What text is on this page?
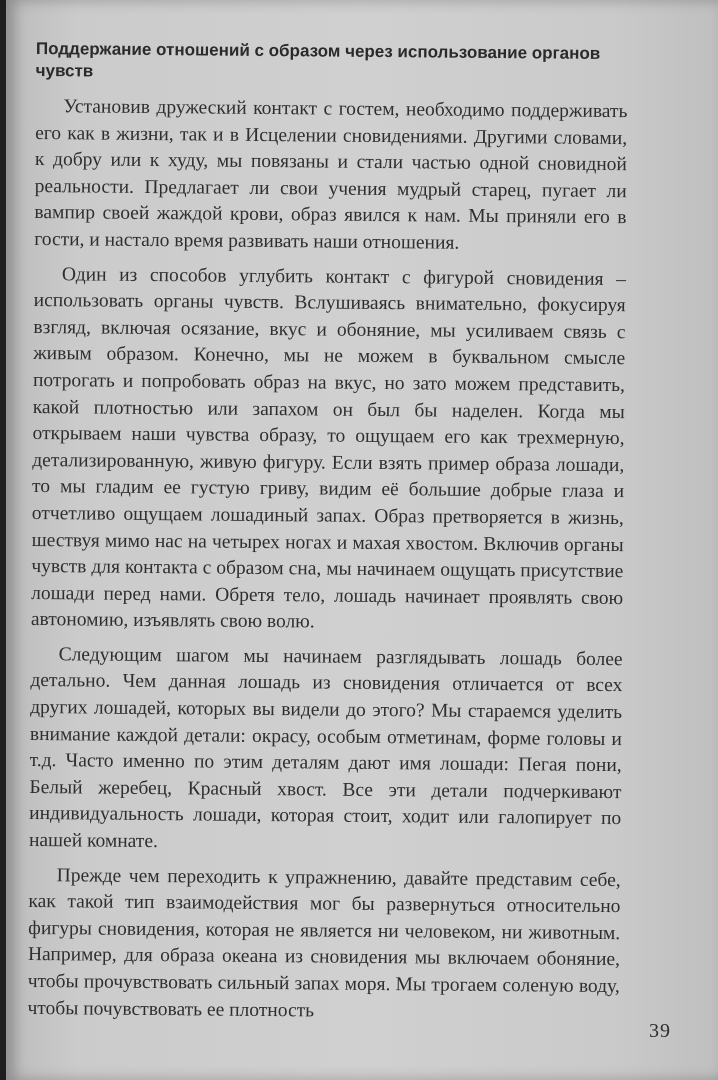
Поддержание отношений с образом через использование органов чувств

Установив дружеский контакт с гостем, необходимо поддерживать его как в жизни, так и в Исцелении сновидениями. Другими словами, к добру или к худу, мы повязаны и стали частью одной сновидной реальности. Предлагает ли свои учения мудрый старец, пугает ли вампир своей жаждой крови, образ явился к нам. Мы приняли его в гости, и настало время развивать наши отношения.

Один из способов углубить контакт с фигурой сновидения – использовать органы чувств. Вслушиваясь внимательно, фокусируя взгляд, включая осязание, вкус и обоняние, мы усиливаем связь с живым образом. Конечно, мы не можем в буквальном смысле потрогать и попробовать образ на вкус, но зато можем представить, какой плотностью или запахом он был бы наделен. Когда мы открываем наши чувства образу, то ощущаем его как трехмерную, детализированную, живую фигуру. Если взять пример образа лошади, то мы гладим ее густую гриву, видим её большие добрые глаза и отчетливо ощущаем лошадиный запах. Образ претворяется в жизнь, шествуя мимо нас на четырех ногах и махая хвостом. Включив органы чувств для контакта с образом сна, мы начинаем ощущать присутствие лошади перед нами. Обретя тело, лошадь начинает проявлять свою автономию, изъявлять свою волю.

Следующим шагом мы начинаем разглядывать лошадь более детально. Чем данная лошадь из сновидения отличается от всех других лошадей, которых вы видели до этого? Мы стараемся уделить внимание каждой детали: окрасу, особым отметинам, форме головы и т.д. Часто именно по этим деталям дают имя лошади: Пегая пони, Белый жеребец, Красный хвост. Все эти детали подчеркивают индивидуальность лошади, которая стоит, ходит или галопирует по нашей комнате.

Прежде чем переходить к упражнению, давайте представим себе, как такой тип взаимодействия мог бы развернуться относительно фигуры сновидения, которая не является ни человеком, ни животным. Например, для образа океана из сновидения мы включаем обоняние, чтобы прочувствовать сильный запах моря. Мы трогаем соленую воду, чтобы почувствовать ее плотность

39
